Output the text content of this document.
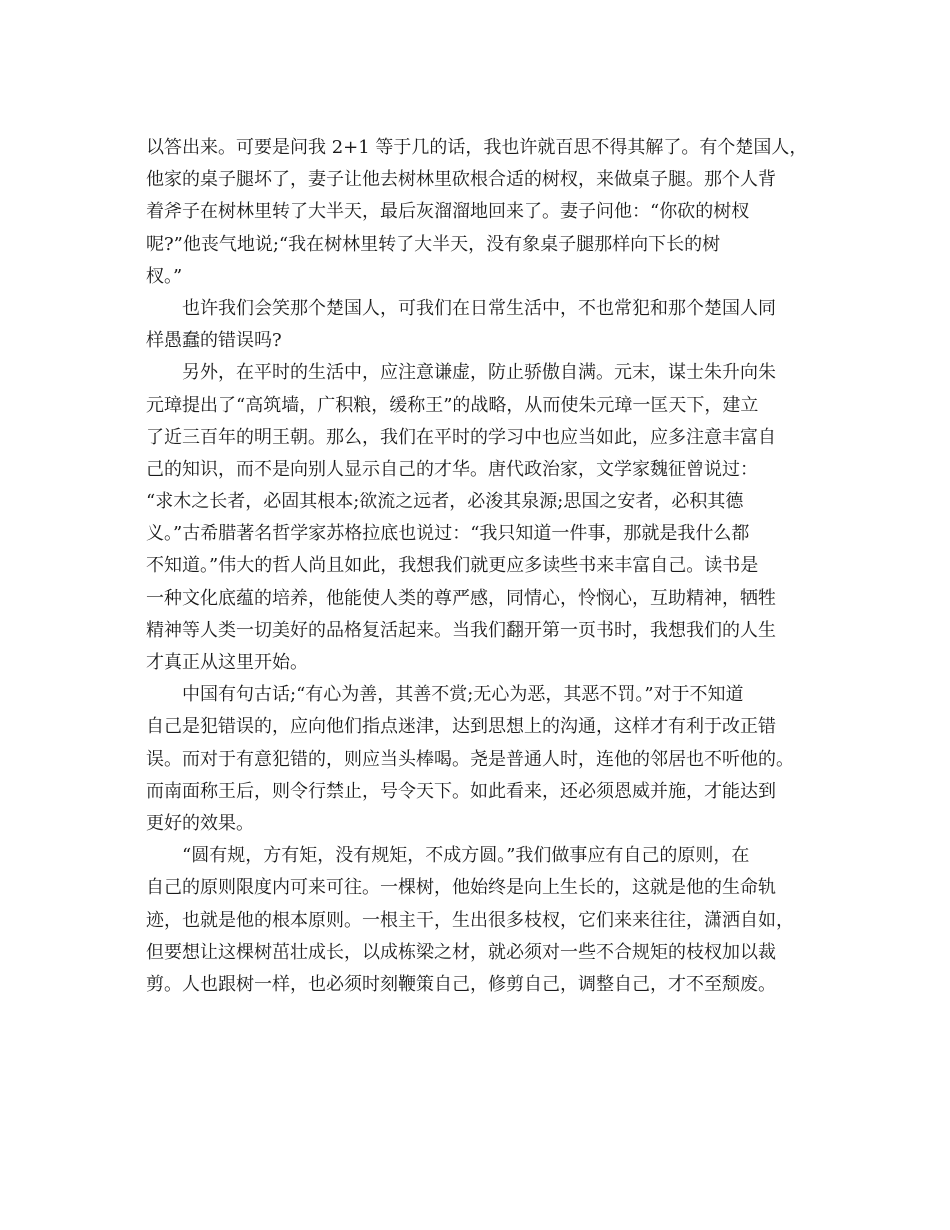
以答出来。可要是问我 2+1 等于几的话，我也许就百思不得其解了。有个楚国人，
他家的桌子腿坏了，妻子让他去树林里砍根合适的树杈，来做桌子腿。那个人背
着斧子在树林里转了大半天，最后灰溜溜地回来了。妻子问他：“你砍的树杈
呢?”他丧气地说;“我在树林里转了大半天，没有象桌子腿那样向下长的树
杈。”
　　也许我们会笑那个楚国人，可我们在日常生活中，不也常犯和那个楚国人同
样愚蠢的错误吗?
　　另外，在平时的生活中，应注意谦虚，防止骄傲自满。元末，谋士朱升向朱
元璋提出了“高筑墙，广积粮，缓称王”的战略，从而使朱元璋一匡天下，建立
了近三百年的明王朝。那么，我们在平时的学习中也应当如此，应多注意丰富自
己的知识，而不是向别人显示自己的才华。唐代政治家，文学家魏征曾说过：
“求木之长者，必固其根本;欲流之远者，必浚其泉源;思国之安者，必积其德
义。”古希腊著名哲学家苏格拉底也说过：“我只知道一件事，那就是我什么都
不知道。”伟大的哲人尚且如此，我想我们就更应多读些书来丰富自己。读书是
一种文化底蕴的培养，他能使人类的尊严感，同情心，怜悯心，互助精神，牺牲
精神等人类一切美好的品格复活起来。当我们翻开第一页书时，我想我们的人生
才真正从这里开始。
　　中国有句古话;“有心为善，其善不赏;无心为恶，其恶不罚。”对于不知道
自己是犯错误的，应向他们指点迷津，达到思想上的沟通，这样才有利于改正错
误。而对于有意犯错的，则应当头棒喝。尧是普通人时，连他的邻居也不听他的。
而南面称王后，则令行禁止，号令天下。如此看来，还必须恩威并施，才能达到
更好的效果。
　　“圆有规，方有矩，没有规矩，不成方圆。”我们做事应有自己的原则，在
自己的原则限度内可来可往。一棵树，他始终是向上生长的，这就是他的生命轨
迹，也就是他的根本原则。一根主干，生出很多枝杈，它们来来往往，潇洒自如，
但要想让这棵树茁壮成长，以成栋梁之材，就必须对一些不合规矩的枝杈加以裁
剪。人也跟树一样，也必须时刻鞭策自己，修剪自己，调整自己，才不至颓废。
